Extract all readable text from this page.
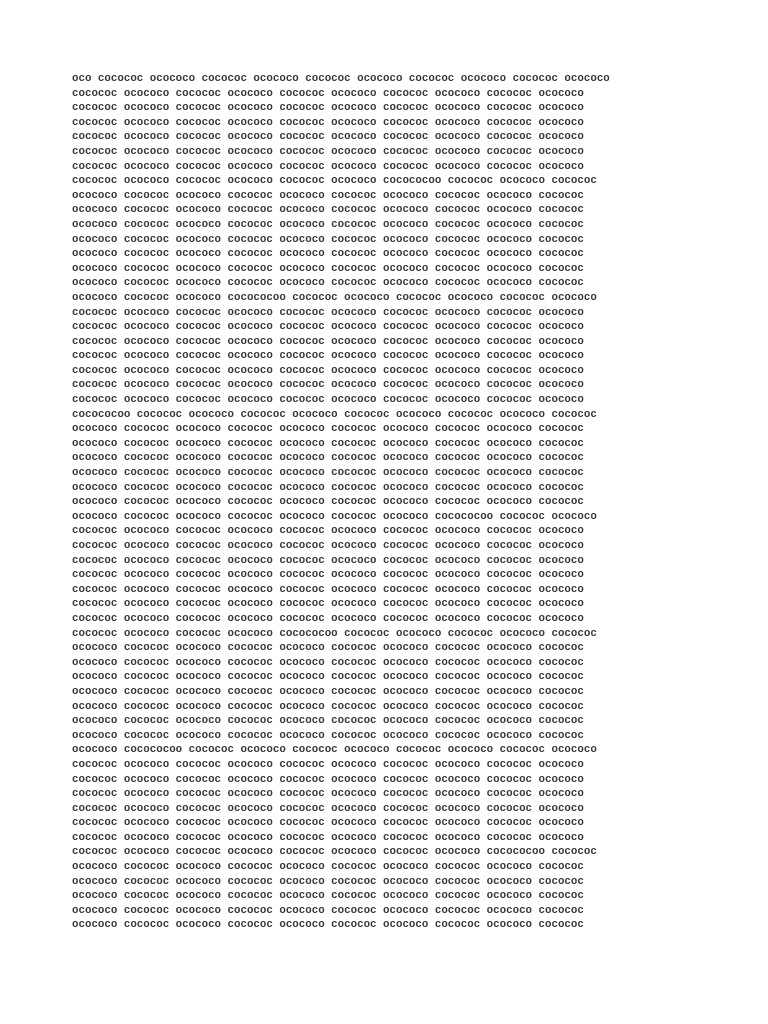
oco cocococ ocococo cocococ ocococo cocococ ocococo cocococ ocococo cocococ ocococo
cocococ ocococo cocococ ocococo cocococ ocococo cocococ ocococo cocococ ocococo
cocococ ocococo cocococ ocococo cocococ ocococo cocococ ocococo cocococ ocococo
cocococ ocococo cocococ ocococo cocococ ocococo cocococ ocococo cocococ ocococo
cocococ ocococo cocococ ocococo cocococ ocococo cocococ ocococo cocococ ocococo
cocococ ocococo cocococ ocococo cocococ ocococo cocococ ocococo cocococ ocococo
cocococ ocococo cocococ ocococo cocococ ocococo cocococ ocococo cocococ ocococo
cocococ ocococo cocococ ocococo cocococ ocococo cocococoo cocococ ocococo cocococ
ocococo cocococ ocococo cocococ ocococo cocococ ocococo cocococ ocococo cocococ
ocococo cocococ ocococo cocococ ocococo cocococ ocococo cocococ ocococo cocococ
ocococo cocococ ocococo cocococ ocococo cocococ ocococo cocococ ocococo cocococ
ocococo cocococ ocococo cocococ ocococo cocococ ocococo cocococ ocococo cocococ
ocococo cocococ ocococo cocococ ocococo cocococ ocococo cocococ ocococo cocococ
ocococo cocococ ocococo cocococ ocococo cocococ ocococo cocococ ocococo cocococ
ocococo cocococ ocococo cocococ ocococo cocococ ocococo cocococ ocococo cocococ
ocococo cocococ ocococo cocococoo cocococ ocococo cocococ ocococo cocococ ocococo
cocococ ocococo cocococ ocococo cocococ ocococo cocococ ocococo cocococ ocococo
cocococ ocococo cocococ ocococo cocococ ocococo cocococ ocococo cocococ ocococo
cocococ ocococo cocococ ocococo cocococ ocococo cocococ ocococo cocococ ocococo
cocococ ocococo cocococ ocococo cocococ ocococo cocococ ocococo cocococ ocococo
cocococ ocococo cocococ ocococo cocococ ocococo cocococ ocococo cocococ ocococo
cocococ ocococo cocococ ocococo cocococ ocococo cocococ ocococo cocococ ocococo
cocococ ocococo cocococ ocococo cocococ ocococo cocococ ocococo cocococ ocococo
cocococoo cocococ ocococo cocococ ocococo cocococ ocococo cocococ ocococo cocococ
ocococo cocococ ocococo cocococ ocococo cocococ ocococo cocococ ocococo cocococ
ocococo cocococ ocococo cocococ ocococo cocococ ocococo cocococ ocococo cocococ
ocococo cocococ ocococo cocococ ocococo cocococ ocococo cocococ ocococo cocococ
ocococo cocococ ocococo cocococ ocococo cocococ ocococo cocococ ocococo cocococ
ocococo cocococ ocococo cocococ ocococo cocococ ocococo cocococ ocococo cocococ
ocococo cocococ ocococo cocococ ocococo cocococ ocococo cocococ ocococo cocococ
ocococo cocococ ocococo cocococ ocococo cocococ ocococo cocococoo cocococ ocococo
cocococ ocococo cocococ ocococo cocococ ocococo cocococ ocococo cocococ ocococo
cocococ ocococo cocococ ocococo cocococ ocococo cocococ ocococo cocococ ocococo
cocococ ocococo cocococ ocococo cocococ ocococo cocococ ocococo cocococ ocococo
cocococ ocococo cocococ ocococo cocococ ocococo cocococ ocococo cocococ ocococo
cocococ ocococo cocococ ocococo cocococ ocococo cocococ ocococo cocococ ocococo
cocococ ocococo cocococ ocococo cocococ ocococo cocococ ocococo cocococ ocococo
cocococ ocococo cocococ ocococo cocococ ocococo cocococ ocococo cocococ ocococo
cocococ ocococo cocococ ocococo cocococoo cocococ ocococo cocococ ocococo cocococ
ocococo cocococ ocococo cocococ ocococo cocococ ocococo cocococ ocococo cocococ
ocococo cocococ ocococo cocococ ocococo cocococ ocococo cocococ ocococo cocococ
ocococo cocococ ocococo cocococ ocococo cocococ ocococo cocococ ocococo cocococ
ocococo cocococ ocococo cocococ ocococo cocococ ocococo cocococ ocococo cocococ
ocococo cocococ ocococo cocococ ocococo cocococ ocococo cocococ ocococo cocococ
ocococo cocococ ocococo cocococ ocococo cocococ ocococo cocococ ocococo cocococ
ocococo cocococ ocococo cocococ ocococo cocococ ocococo cocococ ocococo cocococ
ocococo cocococoo cocococ ocococo cocococ ocococo cocococ ocococo cocococ ocococo
cocococ ocococo cocococ ocococo cocococ ocococo cocococ ocococo cocococ ocococo
cocococ ocococo cocococ ocococo cocococ ocococo cocococ ocococo cocococ ocococo
cocococ ocococo cocococ ocococo cocococ ocococo cocococ ocococo cocococ ocococo
cocococ ocococo cocococ ocococo cocococ ocococo cocococ ocococo cocococ ocococo
cocococ ocococo cocococ ocococo cocococ ocococo cocococ ocococo cocococ ocococo
cocococ ocococo cocococ ocococo cocococ ocococo cocococ ocococo cocococ ocococo
cocococ ocococo cocococ ocococo cocococ ocococo cocococ ocococo cocococoo cocococ
ocococo cocococ ocococo cocococ ocococo cocococ ocococo cocococ ocococo cocococ
ocococo cocococ ocococo cocococ ocococo cocococ ocococo cocococ ocococo cocococ
ocococo cocococ ocococo cocococ ocococo cocococ ocococo cocococ ocococo cocococ
ocococo cocococ ocococo cocococ ocococo cocococ ocococo cocococ ocococo cocococ
ocococo cocococ ocococo cocococ ocococo cocococ ocococo cocococ ocococo cocococ
